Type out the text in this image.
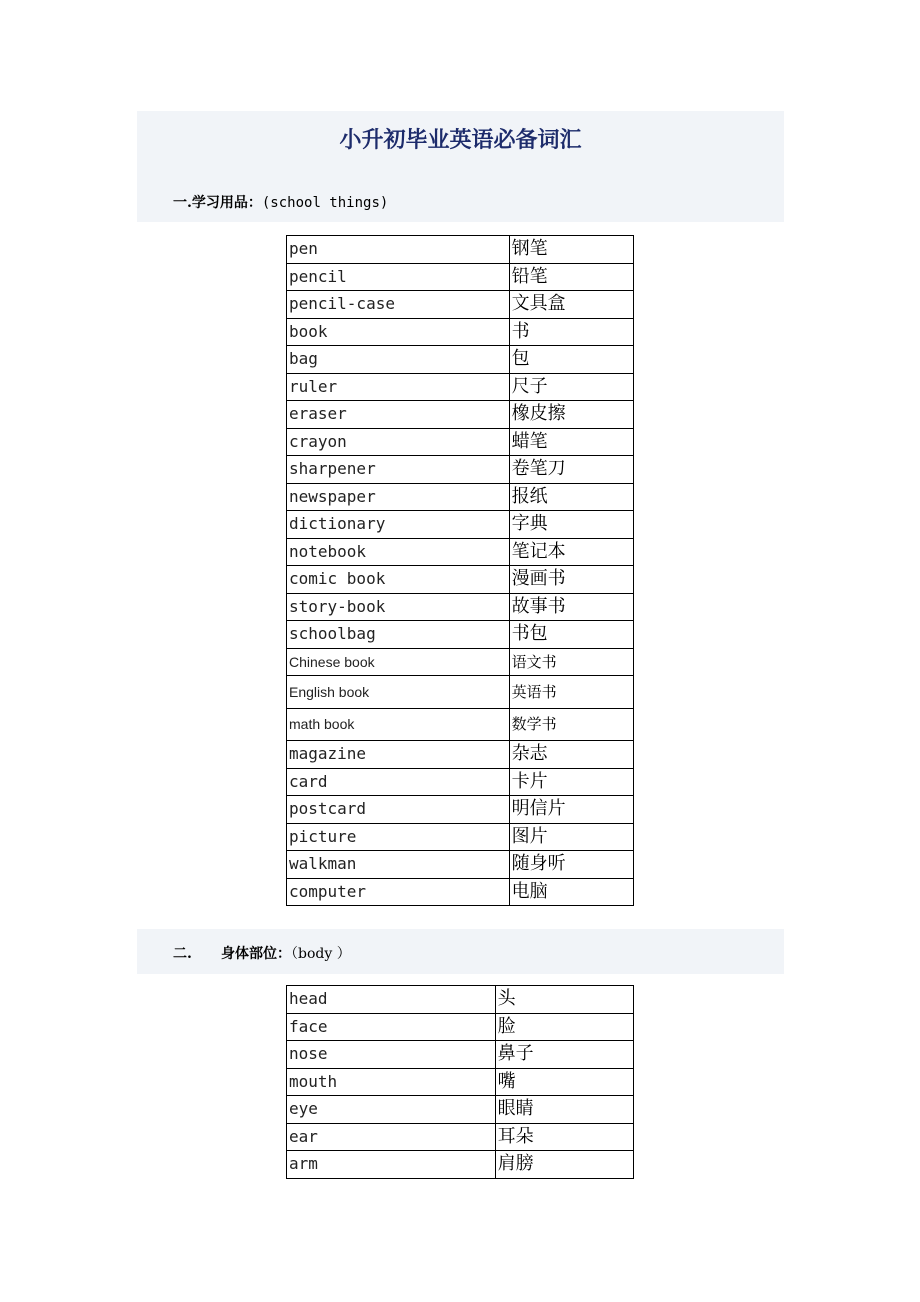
小升初毕业英语必备词汇

一.学习用品：(school things)

pen	钢笔
pencil	铅笔
pencil-case	文具盒
book	书
bag	包
ruler	尺子
eraser	橡皮擦
crayon	蜡笔
sharpener	卷笔刀
newspaper	报纸
dictionary	字典
notebook	笔记本
comic book	漫画书
story-book	故事书
schoolbag	书包
Chinese book	语文书
English book	英语书
math book	数学书
magazine	杂志
card	卡片
postcard	明信片
picture	图片
walkman	随身听
computer	电脑

二. 身体部位：（body ）

head	头
face	脸
nose	鼻子
mouth	嘴
eye	眼睛
ear	耳朵
arm	肩膀
